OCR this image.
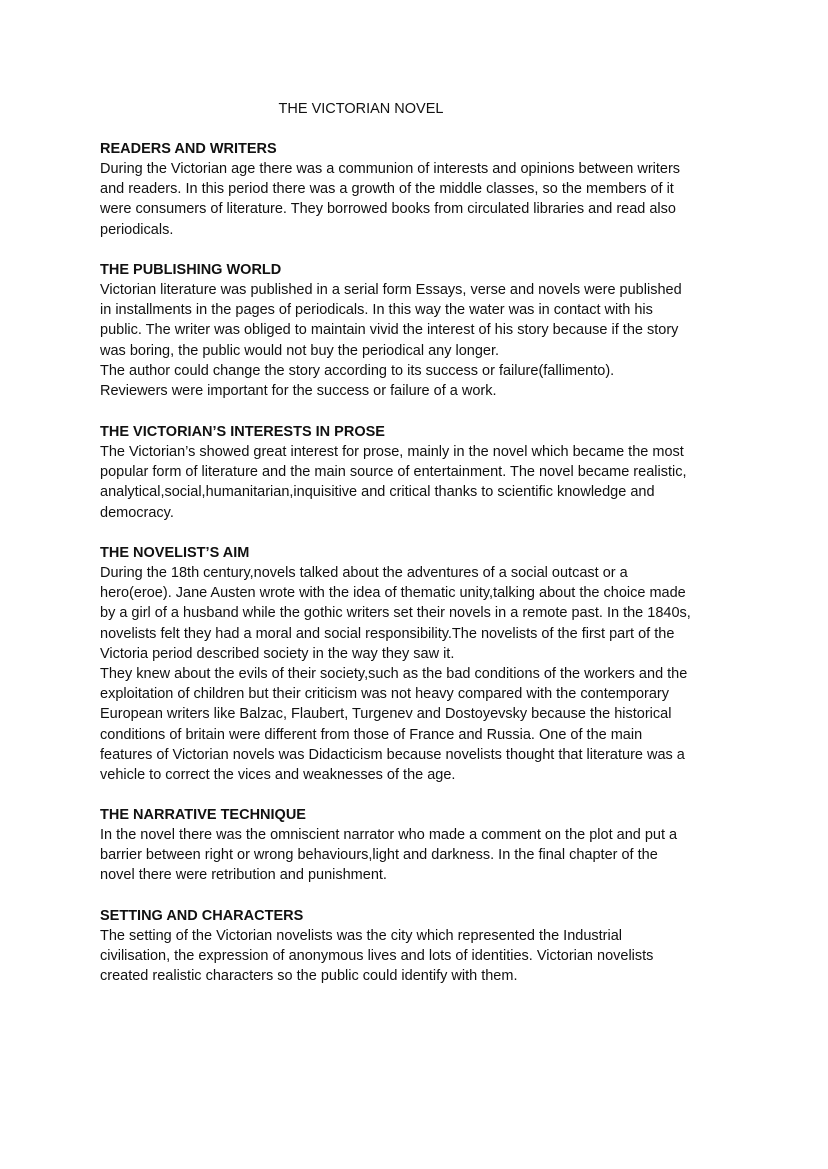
THE VICTORIAN NOVEL

READERS AND WRITERS

During the Victorian age there was a communion of interests and opinions between writers

and readers. In this period there was a growth of the middle classes, so the members of it

were consumers of literature. They borrowed books from circulated libraries and read also

periodicals.

THE PUBLISHING WORLD

Victorian literature was published in a serial form Essays, verse and novels were published

in installments in the pages of periodicals. In this way the water was in contact with his

public. The writer was obliged to maintain vivid the interest of his story because if the story

was boring, the public would not buy the periodical any longer.

The author could change the story according to its success or failure(fallimento).

Reviewers were important for the success or failure of a work.

THE VICTORIAN’S INTERESTS IN PROSE

The Victorian’s showed great interest for prose, mainly in the novel which became the most

popular form of literature and the main source of entertainment. The novel became realistic,

analytical,social,humanitarian,inquisitive and critical thanks to scientific knowledge and

democracy.

THE NOVELIST’S AIM

During the 18th century,novels talked about the adventures of a social outcast or a

hero(eroe). Jane Austen wrote with the idea of thematic unity,talking about the choice made

by a girl of a husband while the gothic writers set their novels in a remote past. In the 1840s,

novelists felt they had a moral and social responsibility.The novelists of the first part of the

Victoria period described society in the way they saw it.

They knew about the evils of their society,such as the bad conditions of the workers and the

exploitation of children but their criticism was not heavy compared with the contemporary

European writers like Balzac, Flaubert, Turgenev and Dostoyevsky because the historical

conditions of britain were different from those of France and Russia. One of the main

features of Victorian novels was Didacticism because novelists thought that literature was a

vehicle to correct the vices and weaknesses of the age.

THE NARRATIVE TECHNIQUE

In the novel there was the omniscient narrator who made a comment on the plot and put a

barrier between right or wrong behaviours,light and darkness. In the final chapter of the

novel there were retribution and punishment.

SETTING AND CHARACTERS

The setting of the Victorian novelists was the city which represented the Industrial

civilisation, the expression of anonymous lives and lots of identities. Victorian novelists

created realistic characters so the public could identify with them.
